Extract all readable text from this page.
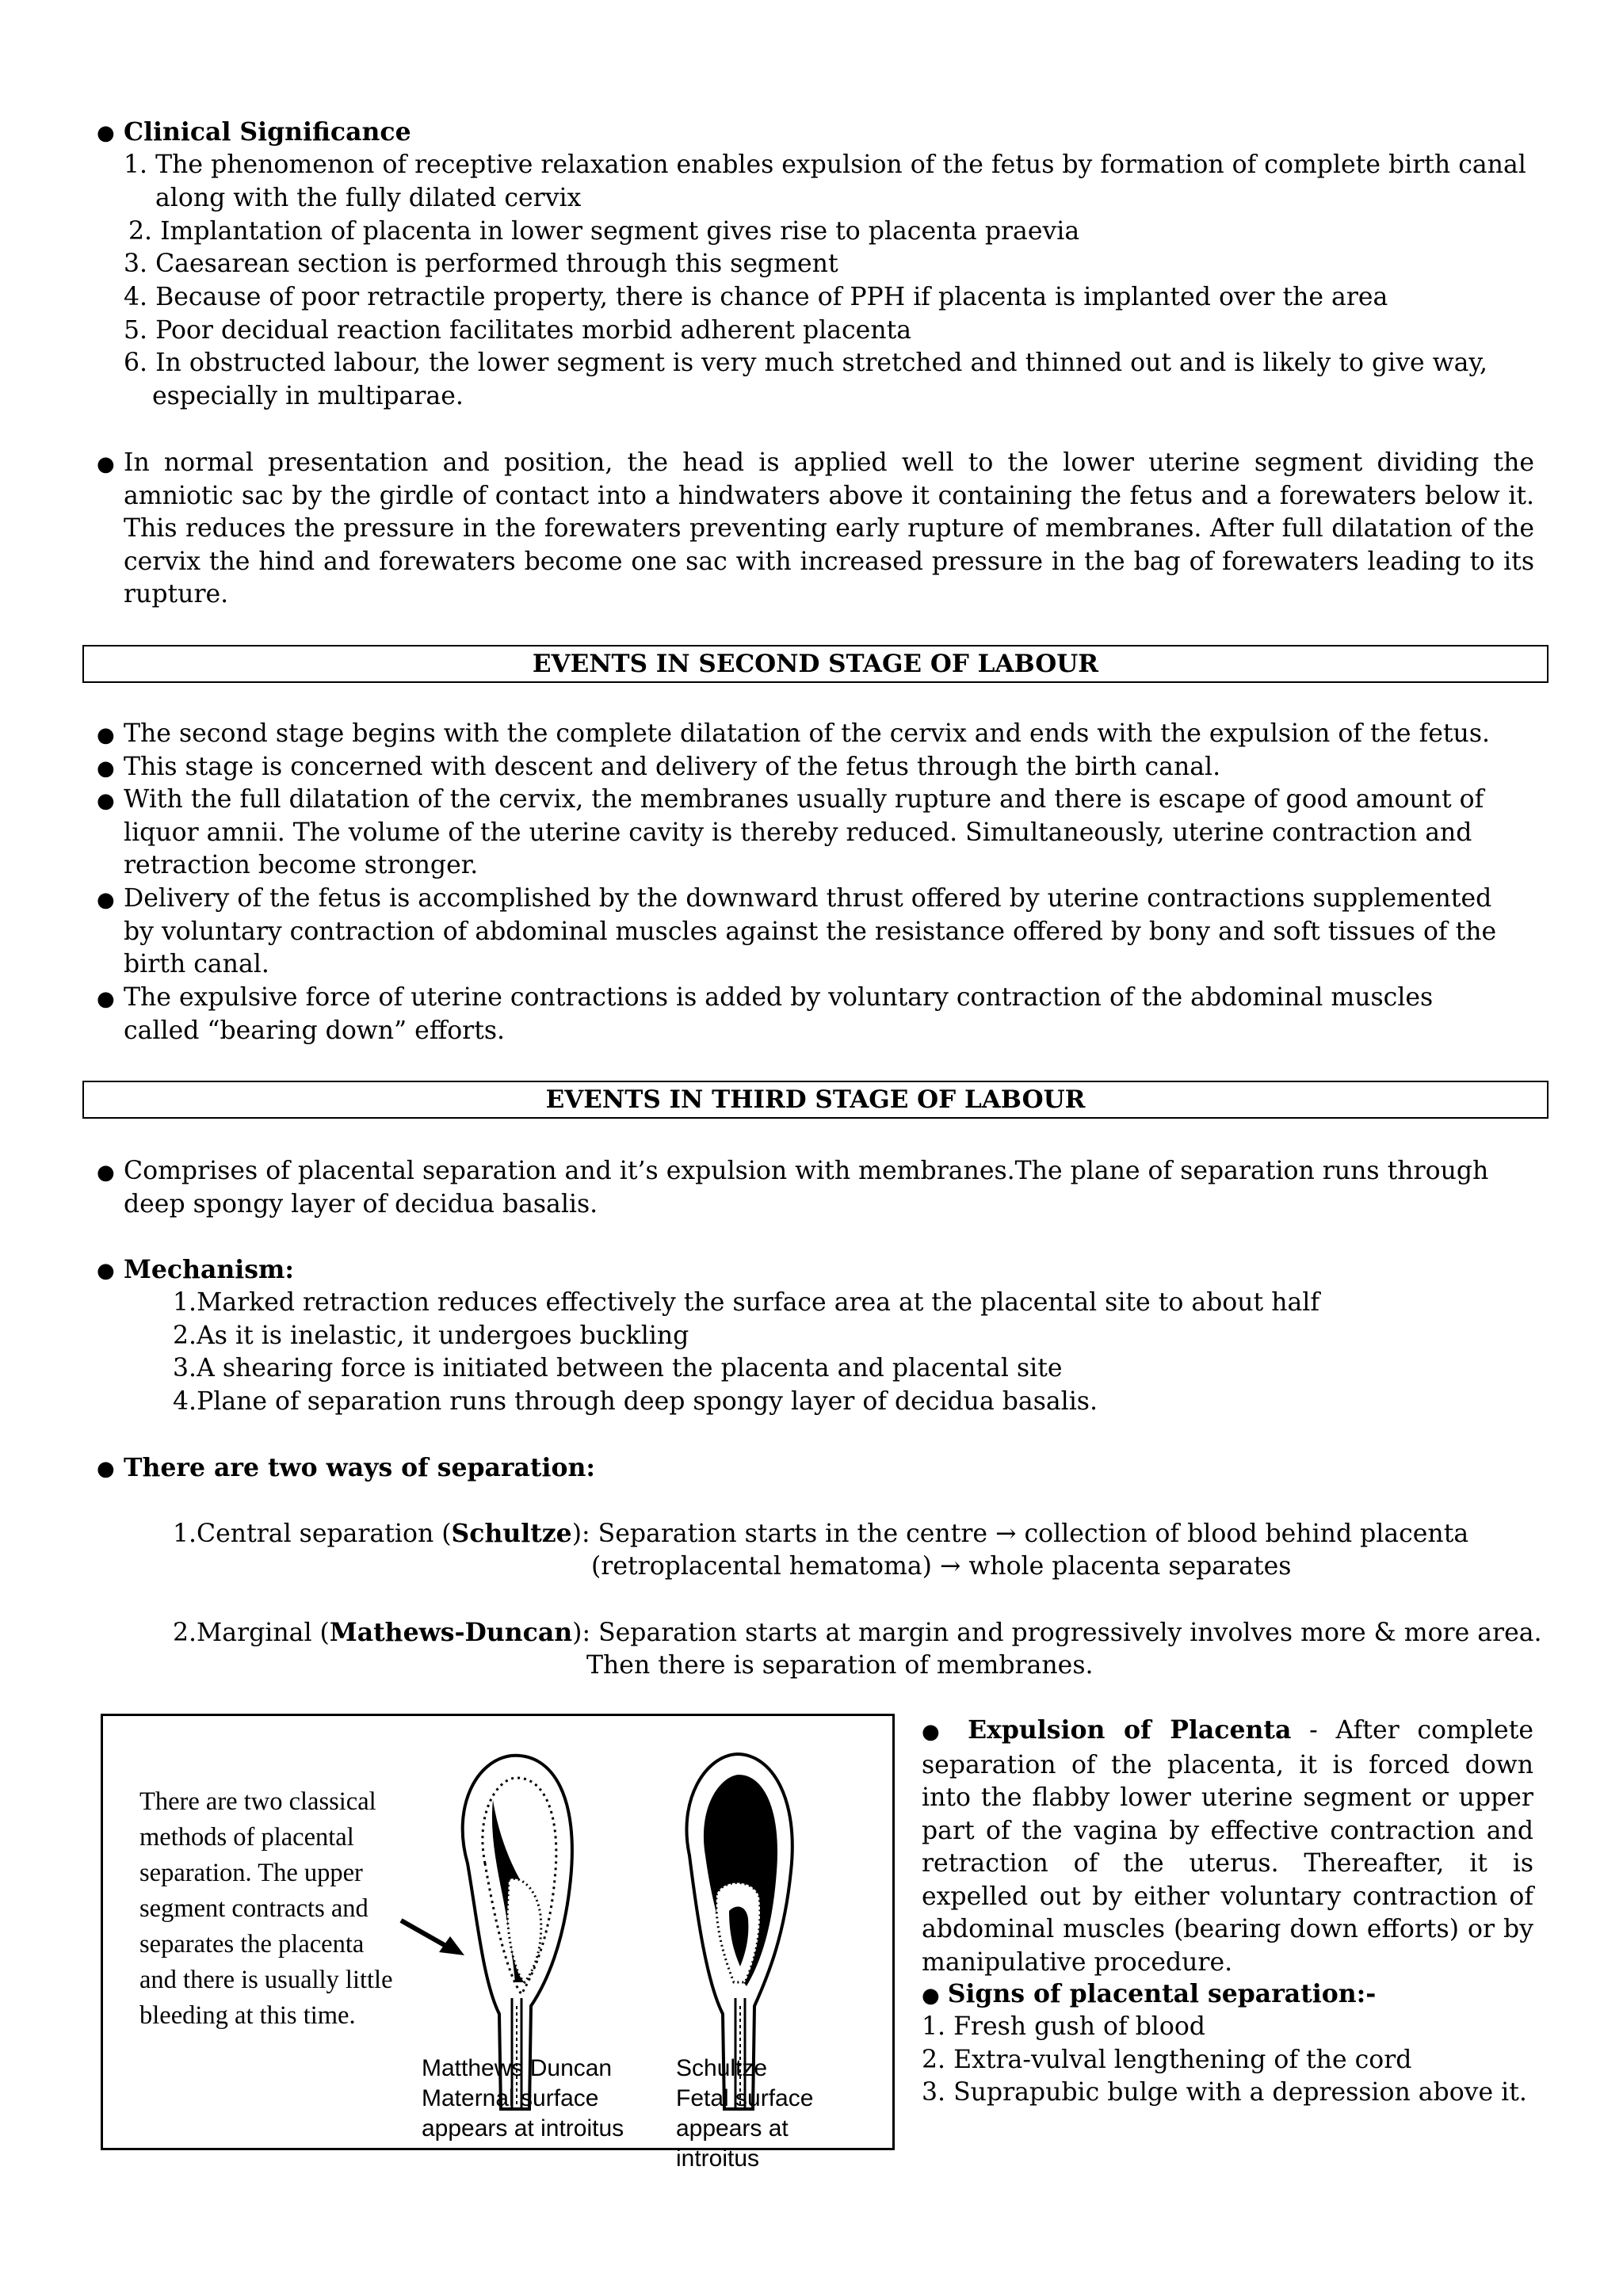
● Clinical Significance
1. The phenomenon of receptive relaxation enables expulsion of the fetus by formation of complete birth canal
along with the fully dilated cervix
2. Implantation of placenta in lower segment gives rise to placenta praevia
3. Caesarean section is performed through this segment
4. Because of poor retractile property, there is chance of PPH if placenta is implanted over the area
5. Poor decidual reaction facilitates morbid adherent placenta
6. In obstructed labour, the lower segment is very much stretched and thinned out and is likely to give way,
especially in multiparae.
● In normal presentation and position, the head is applied well to the lower uterine segment dividing the amniotic sac by the girdle of contact into a hindwaters above it containing the fetus and a forewaters below it. This reduces the pressure in the forewaters preventing early rupture of membranes. After full dilatation of the cervix the hind and forewaters become one sac with increased pressure in the bag of forewaters leading to its rupture.
EVENTS IN SECOND STAGE OF LABOUR
● The second stage begins with the complete dilatation of the cervix and ends with the expulsion of the fetus.
● This stage is concerned with descent and delivery of the fetus through the birth canal.
● With the full dilatation of the cervix, the membranes usually rupture and there is escape of good amount of liquor amnii. The volume of the uterine cavity is thereby reduced. Simultaneously, uterine contraction and retraction become stronger.
● Delivery of the fetus is accomplished by the downward thrust offered by uterine contractions supplemented by voluntary contraction of abdominal muscles against the resistance offered by bony and soft tissues of the birth canal.
● The expulsive force of uterine contractions is added by voluntary contraction of the abdominal muscles called “bearing down” efforts.
EVENTS IN THIRD STAGE OF LABOUR
● Comprises of placental separation and it’s expulsion with membranes.The plane of separation runs through deep spongy layer of decidua basalis.
● Mechanism:
1.Marked retraction reduces effectively the surface area at the placental site to about half
2.As it is inelastic, it undergoes buckling
3.A shearing force is initiated between the placenta and placental site
4.Plane of separation runs through deep spongy layer of decidua basalis.
● There are two ways of separation:
1.Central separation (Schultze): Separation starts in the centre → collection of blood behind placenta
(retroplacental hematoma) → whole placenta separates
2.Marginal (Mathews-Duncan): Separation starts at margin and progressively involves more & more area.
Then there is separation of membranes.
There are two classical
methods of placental
separation. The upper
segment contracts and
separates the placenta
and there is usually little
bleeding at this time.
Matthews Duncan
Maternal surface
appears at introitus
Schultze
Fetal surface
appears at
introitus
● Expulsion of Placenta - After complete separation of the placenta, it is forced down into the flabby lower uterine segment or upper part of the vagina by effective contraction and retraction of the uterus. Thereafter, it is expelled out by either voluntary contraction of abdominal muscles (bearing down efforts) or by manipulative procedure.
● Signs of placental separation:-
1. Fresh gush of blood
2. Extra-vulval lengthening of the cord
3. Suprapubic bulge with a depression above it.
